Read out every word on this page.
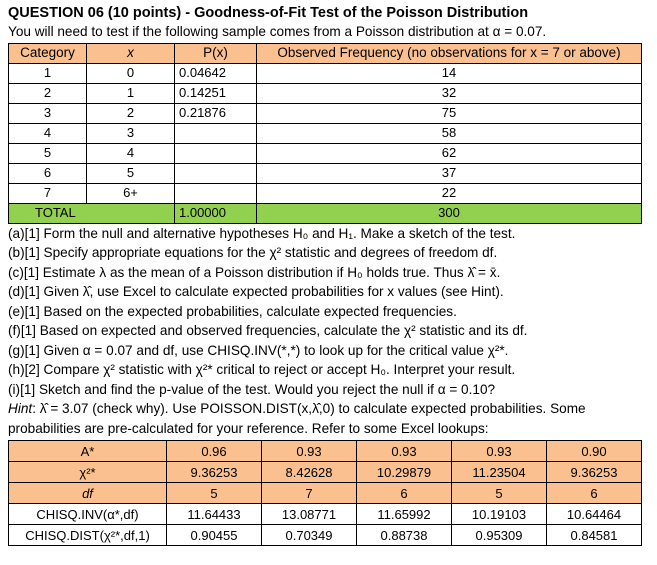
QUESTION 06 (10 points) - Goodness-of-Fit Test of the Poisson Distribution
You will need to test if the following sample comes from a Poisson distribution at α = 0.07.
Category	x	P(x)	Observed Frequency (no observations for x = 7 or above)
1	0	0.04642	14
2	1	0.14251	32
3	2	0.21876	75
4	3		58
5	4		62
6	5		37
7	6+		22
TOTAL		1.00000	300
(a)[1] Form the null and alternative hypotheses H₀ and H₁. Make a sketch of the test.
(b)[1] Specify appropriate equations for the χ² statistic and degrees of freedom df.
(c)[1] Estimate λ as the mean of a Poisson distribution if H₀ holds true. Thus λ̂ = x̄.
(d)[1] Given λ̂, use Excel to calculate expected probabilities for x values (see Hint).
(e)[1] Based on the expected probabilities, calculate expected frequencies.
(f)[1] Based on expected and observed frequencies, calculate the χ² statistic and its df.
(g)[1] Given α = 0.07 and df, use CHISQ.INV(*,*) to look up for the critical value χ²*.
(h)[2] Compare χ² statistic with χ²* critical to reject or accept H₀. Interpret your result.
(i)[1] Sketch and find the p-value of the test. Would you reject the null if α = 0.10?
Hint: λ̂ = 3.07 (check why). Use POISSON.DIST(x,λ̂,0) to calculate expected probabilities. Some
probabilities are pre-calculated for your reference. Refer to some Excel lookups:
A*	0.96	0.93	0.93	0.93	0.90
χ²*	9.36253	8.42628	10.29879	11.23504	9.36253
df	5	7	6	5	6
CHISQ.INV(α*,df)	11.64433	13.08771	11.65992	10.19103	10.64464
CHISQ.DIST(χ²*,df,1)	0.90455	0.70349	0.88738	0.95309	0.84581
